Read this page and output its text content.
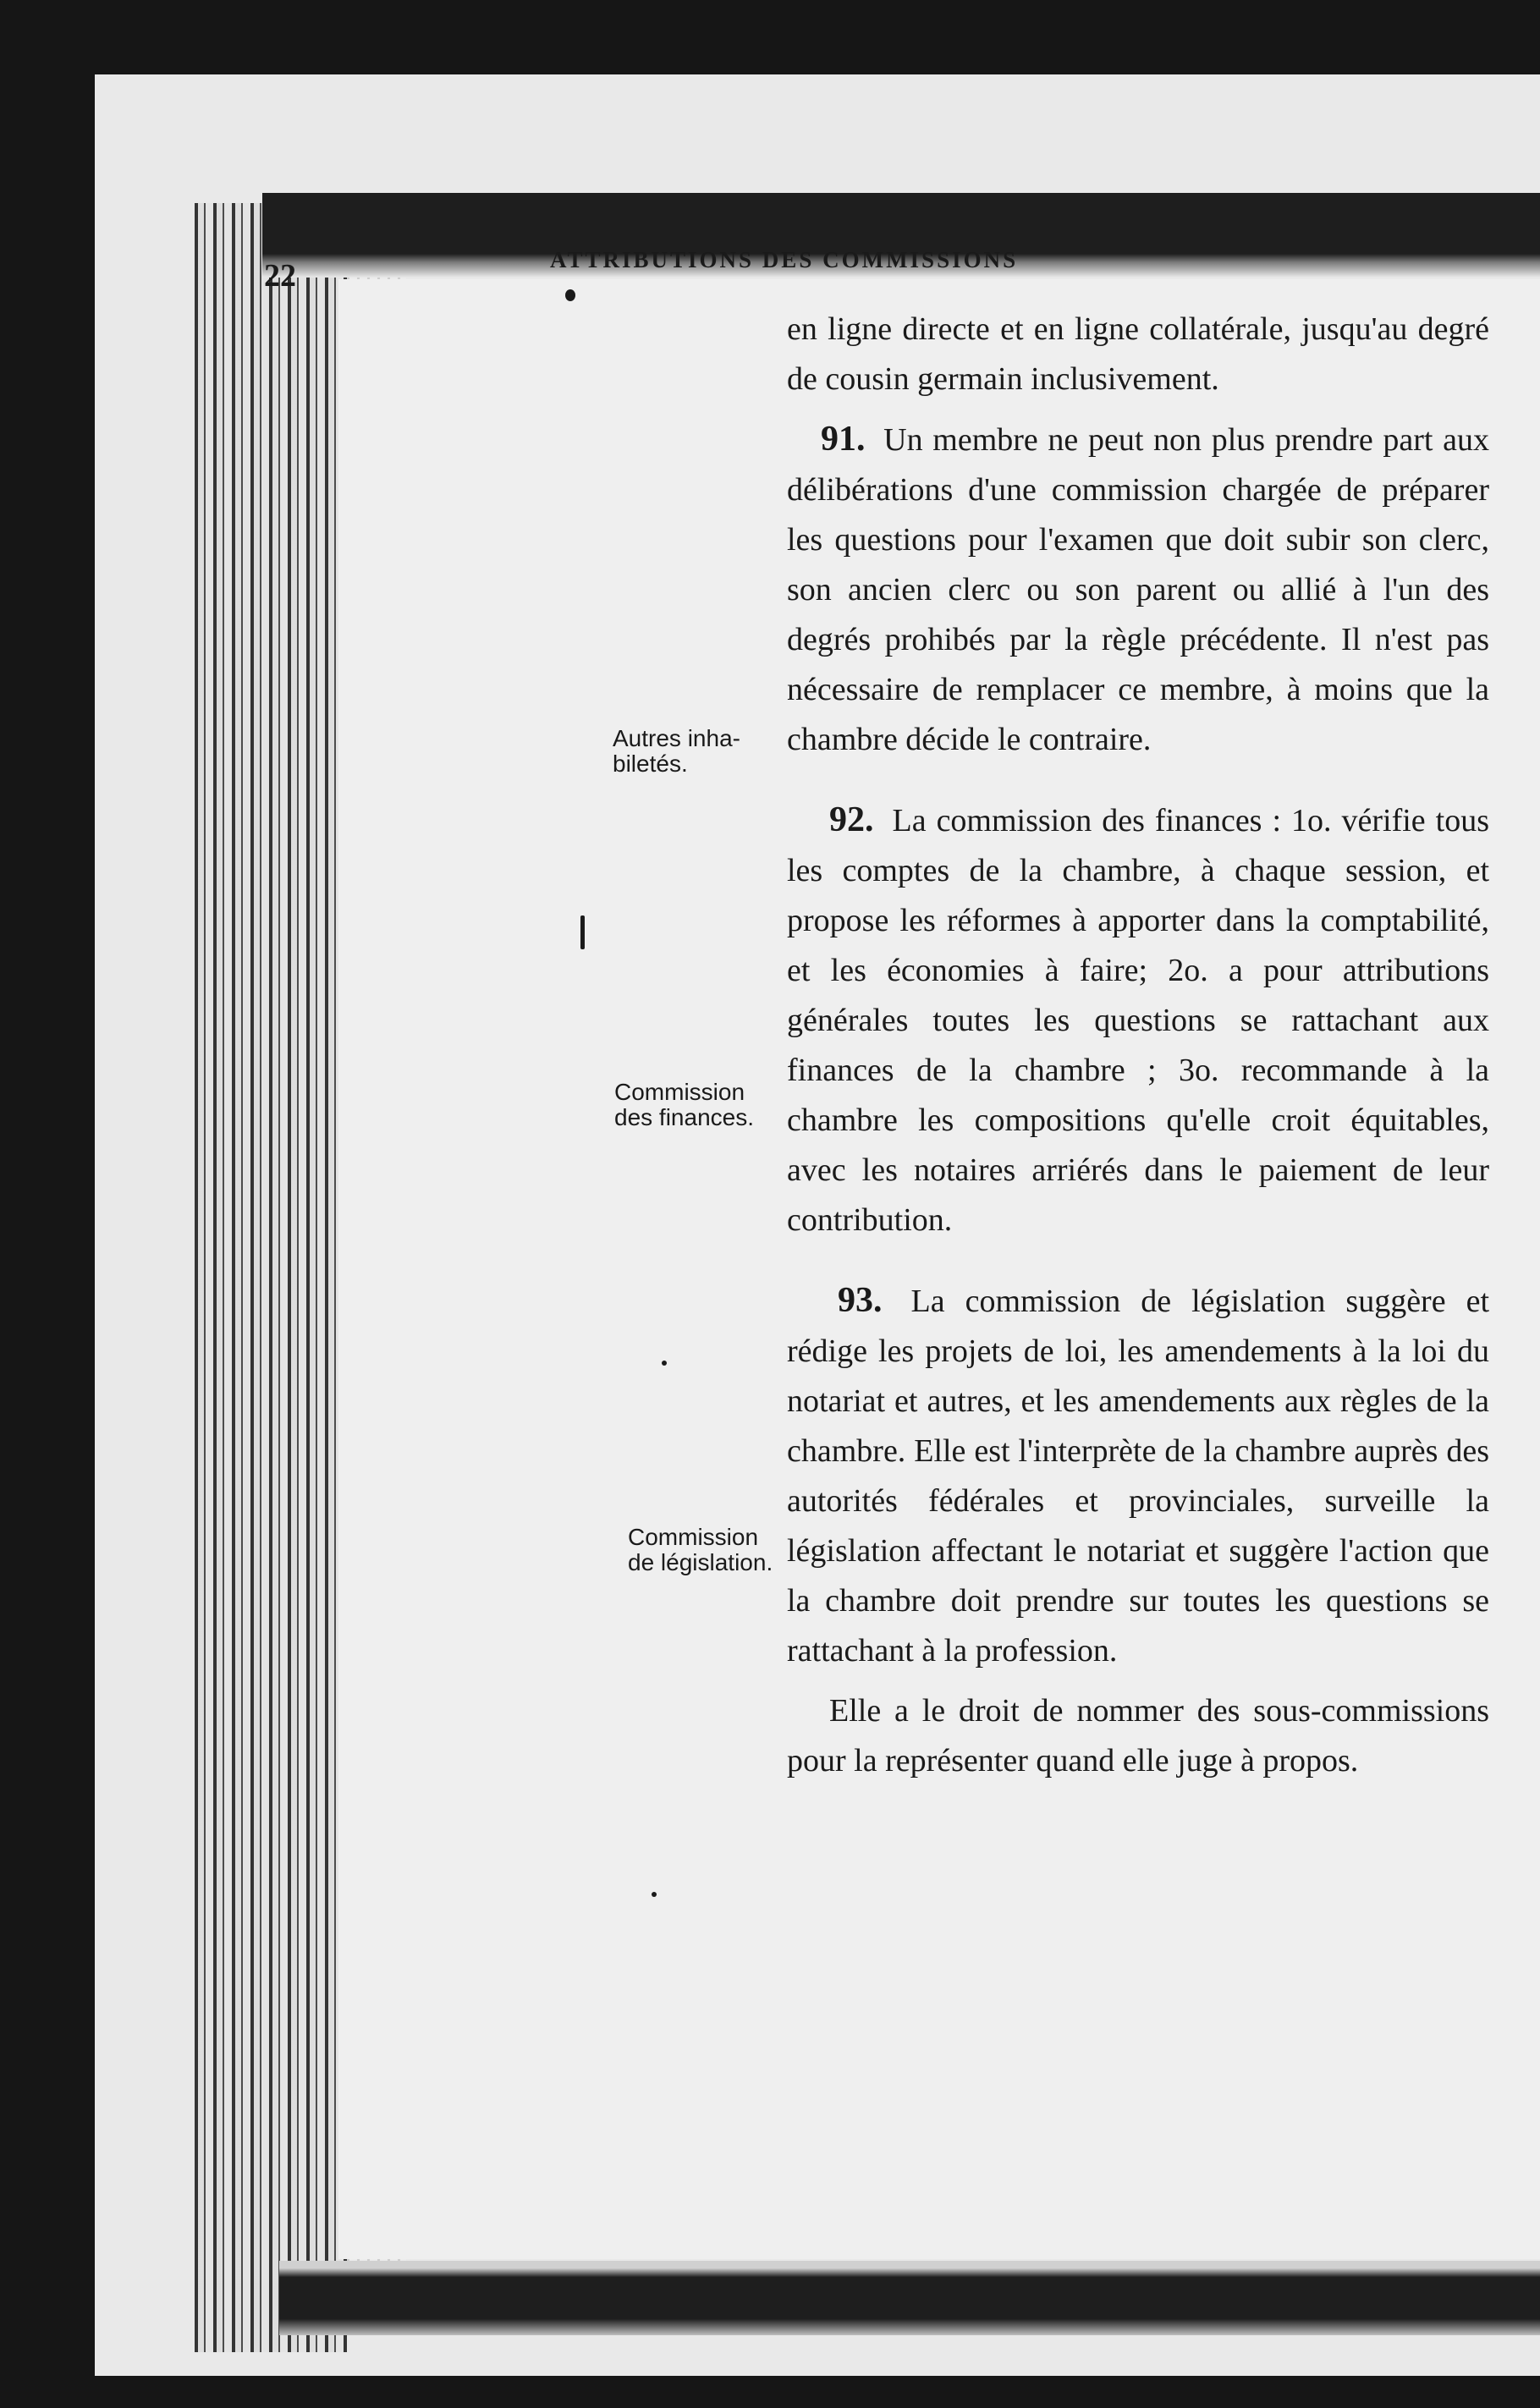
22	ATTRIBUTIONS DES COMMISSIONS
Autres inha-
biletés.
Commission
des finances.
Commission
de législation.

en ligne directe et en ligne collatérale, jusqu'au degré de cousin germain inclusivement.

91. Un membre ne peut non plus prendre part aux délibérations d'une commission chargée de préparer les questions pour l'examen que doit subir son clerc, son ancien clerc ou son parent ou allié à l'un des degrés prohibés par la règle précédente. Il n'est pas nécessaire de remplacer ce membre, à moins que la chambre décide le contraire.

92. La commission des finances : 1o. vérifie tous les comptes de la chambre, à chaque session, et propose les réformes à apporter dans la comptabilité, et les économies à faire; 2o. a pour attributions générales toutes les questions se rattachant aux finances de la chambre ; 3o. recommande à la chambre les compositions qu'elle croit équitables, avec les notaires arriérés dans le paiement de leur contribution.

93. La commission de législation suggère et rédige les projets de loi, les amendements à la loi du notariat et autres, et les amendements aux règles de la chambre. Elle est l'interprète de la chambre auprès des autorités fédérales et provinciales, surveille la législation affectant le notariat et suggère l'action que la chambre doit prendre sur toutes les questions se rattachant à la profession.

Elle a le droit de nommer des sous-commissions pour la représenter quand elle juge à propos.
